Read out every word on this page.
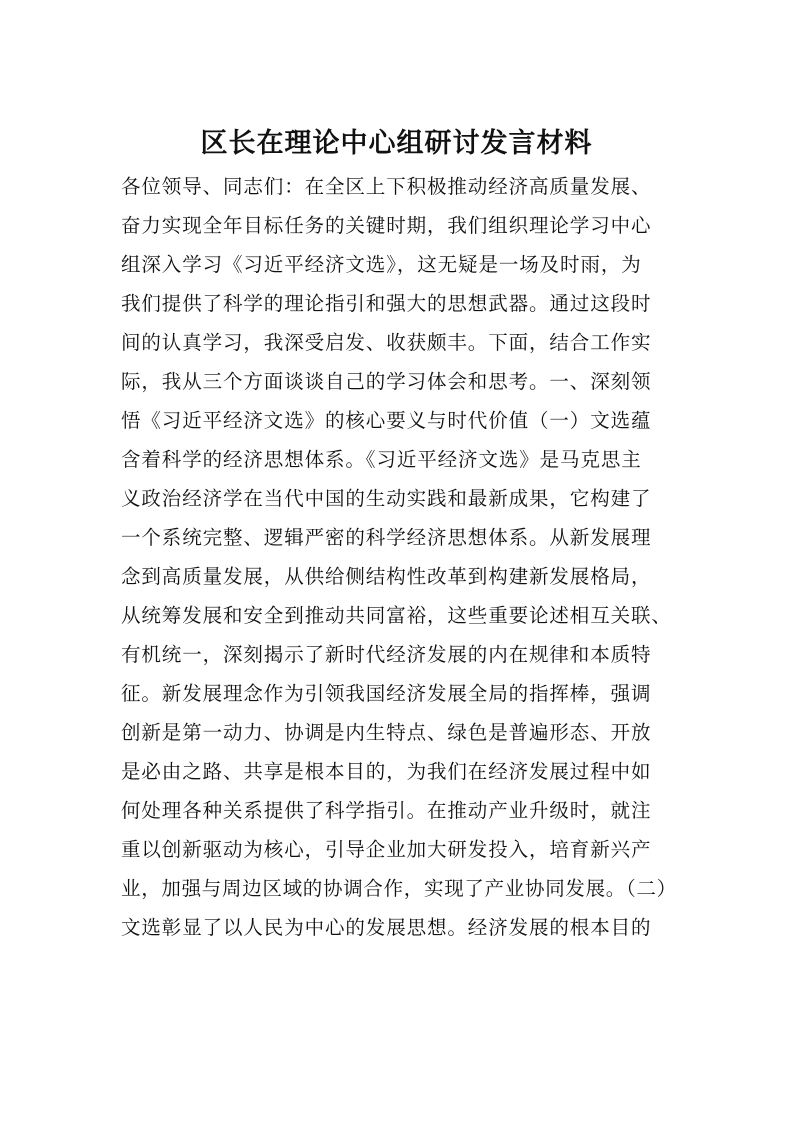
区长在理论中心组研讨发言材料
各位领导、同志们：在全区上下积极推动经济高质量发展、
奋力实现全年目标任务的关键时期，我们组织理论学习中心
组深入学习《习近平经济文选》，这无疑是一场及时雨，为
我们提供了科学的理论指引和强大的思想武器。通过这段时
间的认真学习，我深受启发、收获颇丰。下面，结合工作实
际，我从三个方面谈谈自己的学习体会和思考。一、深刻领
悟《习近平经济文选》的核心要义与时代价值（一）文选蕴
含着科学的经济思想体系。《习近平经济文选》是马克思主
义政治经济学在当代中国的生动实践和最新成果，它构建了
一个系统完整、逻辑严密的科学经济思想体系。从新发展理
念到高质量发展，从供给侧结构性改革到构建新发展格局，
从统筹发展和安全到推动共同富裕，这些重要论述相互关联、
有机统一，深刻揭示了新时代经济发展的内在规律和本质特
征。新发展理念作为引领我国经济发展全局的指挥棒，强调
创新是第一动力、协调是内生特点、绿色是普遍形态、开放
是必由之路、共享是根本目的，为我们在经济发展过程中如
何处理各种关系提供了科学指引。在推动产业升级时，就注
重以创新驱动为核心，引导企业加大研发投入，培育新兴产
业，加强与周边区域的协调合作，实现了产业协同发展。（二）
文选彰显了以人民为中心的发展思想。经济发展的根本目的
